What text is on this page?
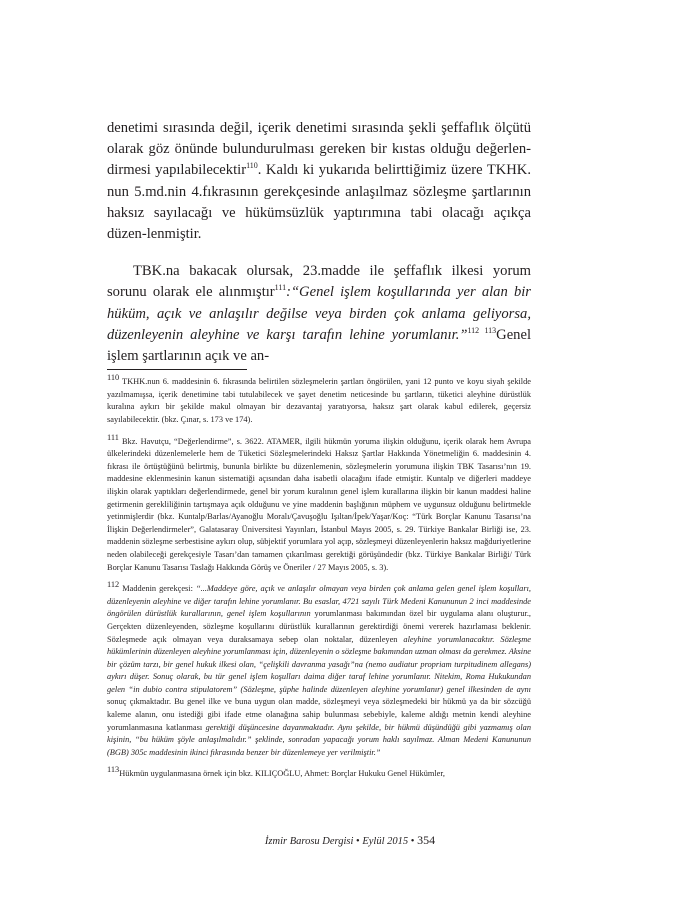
denetimi sırasında değil, içerik denetimi sırasında şekli şeffaflık ölçütü olarak göz önünde bulundurulması gereken bir kıstas olduğu değerlen-dirmesi yapılabilecektir$^{110}$. Kaldı ki yukarıda belirttiğimiz üzere TKHK. nun 5.md.nin 4.fıkrasının gerekçesinde anlaşılmaz sözleşme şartlarının haksız sayılacağı ve hükümsüzlük yaptırımına tabi olacağı açıkça düzen-lenmiştir.

TBK.na bakacak olursak, 23.madde ile şeffaflık ilkesi yorum sorunu olarak ele alınmıştır$^{111}$:“Genel işlem koşullarında yer alan bir hüküm, açık ve anlaşılır değilse veya birden çok anlama geliyorsa, düzenleyenin aleyhine ve karşı tarafın lehine yorumlanır.”$^{112 113}$Genel işlem şartlarının açık ve an-

$^{110}$ TKHK.nun 6. maddesinin 6. fıkrasında belirtilen sözleşmelerin şartları öngörülen, yani 12 punto ve koyu siyah şekilde yazılmamışsa, içerik denetimine tabi tutulabilecek ve şayet denetim neticesinde bu şartların, tüketici aleyhine dürüstlük kuralına aykırı bir şekilde makul olmayan bir dezavantaj yaratıyorsa, haksız şart olarak kabul edilerek, geçersiz sayılabilecektir. (bkz. Çınar, s. 173 ve 174).

$^{111}$ Bkz. Havutçu, “Değerlendirme”, s. 3622. ATAMER, ilgili hükmün yoruma ilişkin olduğunu, içerik olarak hem Avrupa ülkelerindeki düzenlemelerle hem de Tüketici Sözleşmelerindeki Haksız Şartlar Hakkında Yönetmeliğin 6. maddesinin 4. fıkrası ile örtüştüğünü belirtmiş, bununla birlikte bu düzenlemenin, sözleşmelerin yorumuna ilişkin TBK Tasarısı’nın 19. maddesine eklenmesinin kanun sistematiği açısından daha isabetli olacağını ifade etmiştir. Kuntalp ve diğerleri maddeye ilişkin olarak yaptıkları değerlendirmede, genel bir yorum kuralının genel işlem kurallarına ilişkin bir kanun maddesi haline getirmenin gerekliliğinin tartışmaya açık olduğunu ve yine maddenin başlığının müphem ve uygunsuz olduğunu belirtmekle yetinmişlerdir (bkz. Kuntalp/Barlas/Ayanoğlu Moralı/Çavuşoğlu Işıltan/İpek/Yaşar/Koç: “Türk Borçlar Kanunu Tasarısı’na İlişkin Değerlendirmeler”, Galatasaray Üniversitesi Yayınları, İstanbul Mayıs 2005, s. 29. Türkiye Bankalar Birliği ise, 23. maddenin sözleşme serbestisine aykırı olup, sübjektif yorumlara yol açıp, sözleşmeyi düzenleyenlerin haksız mağduriyetlerine neden olabileceği gerekçesiyle Tasarı’dan tamamen çıkarılması gerektiği görüşündedir (bkz. Türkiye Bankalar Birliği/ Türk Borçlar Kanunu Tasarısı Taslağı Hakkında Görüş ve Öneriler / 27 Mayıs 2005, s. 3).

$^{112}$ Maddenin gerekçesi: “...Maddeye göre, açık ve anlaşılır olmayan veya birden çok anlama gelen genel işlem koşulları, düzenleyenin aleyhine ve diğer tarafın lehine yorumlanır. Bu esaslar, 4721 sayılı Türk Medeni Kanununun 2 inci maddesinde öngörülen dürüstlük kurallarının, genel işlem koşullarının yorumlanması bakımından özel bir uygulama alanı oluşturur., Gerçekten düzenleyenden, sözleşme koşullarını dürüstlük kurallarının gerektirdiği önemi vererek hazırlaması beklenir. Sözleşmede açık olmayan veya duraksamaya sebep olan noktalar, düzenleyen aleyhine yorumlanacaktır. Sözleşme hükümlerinin düzenleyen aleyhine yorumlanması için, düzenleyenin o sözleşme bakımından uzman olması da gerekmez. Aksine bir çözüm tarzı, bir genel hukuk ilkesi olan, “çelişkili davranma yasağı”na (nemo audiatur propriam turpitudinem allegans) aykırı düşer. Sonuç olarak, bu tür genel işlem koşulları daima diğer taraf lehine yorumlanır. Nitekim, Roma Hukukundan gelen “in dubio contra stipulatorem” (Sözleşme, şüphe halinde düzenleyen aleyhine yorumlanır) genel ilkesinden de aynı sonuç çıkmaktadır. Bu genel ilke ve buna uygun olan madde, sözleşmeyi veya sözleşmedeki bir hükmü ya da bir sözcüğü kaleme alanın, onu istediği gibi ifade etme olanağına sahip bulunması sebebiyle, kaleme aldığı metnin kendi aleyhine yorumlanmasına katlanması gerektiği düşüncesine dayanmaktadır. Aynı şekilde, bir hükmü düşündüğü gibi yazmamış olan kişinin, “bu hüküm şöyle anlaşılmalıdır.” şeklinde, sonradan yapacağı yorum haklı sayılmaz. Alman Medeni Kanununun (BGB) 305c maddesinin ikinci fıkrasında benzer bir düzenlemeye yer verilmiştir.”

$^{113}$Hükmün uygulanmasına örnek için bkz. KILIÇOĞLU, Ahmet: Borçlar Hukuku Genel Hükümler,

İzmir Barosu Dergisi • Eylül 2015 • 354
